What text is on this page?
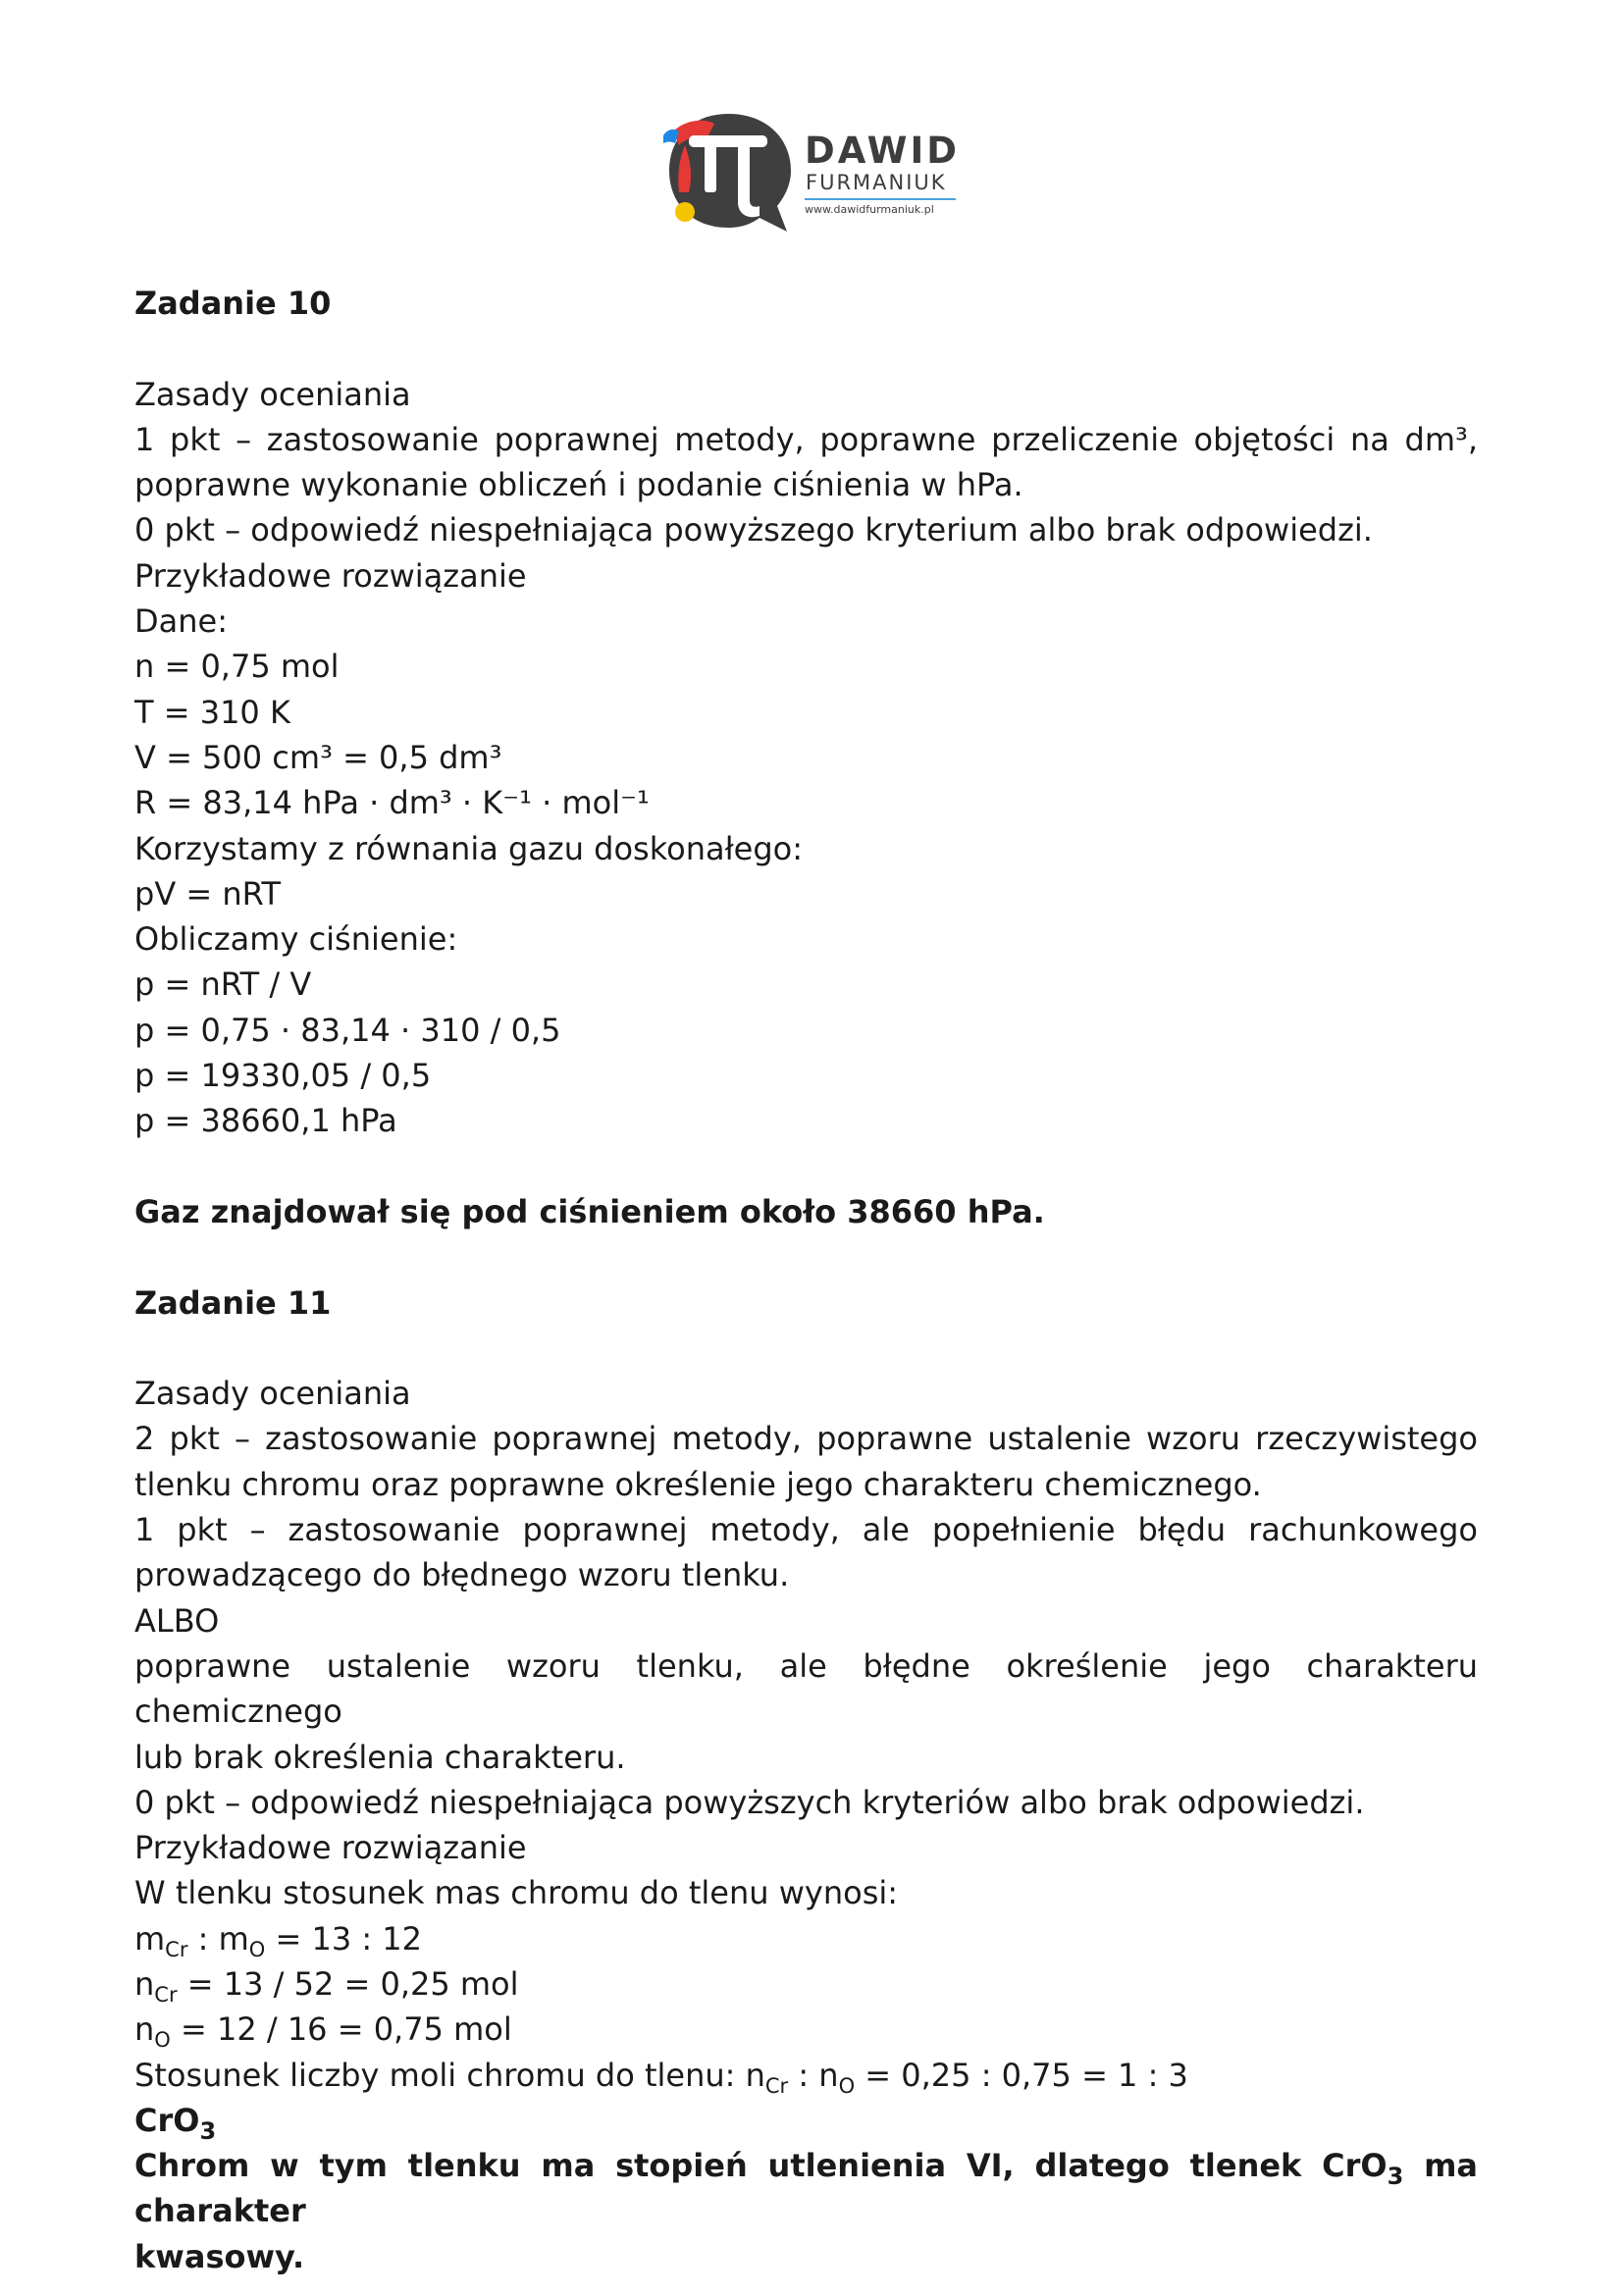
DAWID
FURMANIUK
www.dawidfurmaniuk.pl
Zadanie 10
Zasady oceniania
1 pkt – zastosowanie poprawnej metody, poprawne przeliczenie objętości na dm³,
poprawne wykonanie obliczeń i podanie ciśnienia w hPa.
0 pkt – odpowiedź niespełniająca powyższego kryterium albo brak odpowiedzi.
Przykładowe rozwiązanie
Dane:
n = 0,75 mol
T = 310 K
V = 500 cm³ = 0,5 dm³
R = 83,14 hPa · dm³ · K⁻¹ · mol⁻¹
Korzystamy z równania gazu doskonałego:
pV = nRT
Obliczamy ciśnienie:
p = nRT / V
p = 0,75 · 83,14 · 310 / 0,5
p = 19330,05 / 0,5
p = 38660,1 hPa
Gaz znajdował się pod ciśnieniem około 38660 hPa.
Zadanie 11
Zasady oceniania
2 pkt – zastosowanie poprawnej metody, poprawne ustalenie wzoru rzeczywistego
tlenku chromu oraz poprawne określenie jego charakteru chemicznego.
1 pkt – zastosowanie poprawnej metody, ale popełnienie błędu rachunkowego
prowadzącego do błędnego wzoru tlenku.
ALBO
poprawne ustalenie wzoru tlenku, ale błędne określenie jego charakteru chemicznego
lub brak określenia charakteru.
0 pkt – odpowiedź niespełniająca powyższych kryteriów albo brak odpowiedzi.
Przykładowe rozwiązanie
W tlenku stosunek mas chromu do tlenu wynosi:
$m_{Cr}$ : $m_O = 13$ : 12
$n_{Cr} = 13 / 52 = 0,25$ mol
$n_O = 12 / 16 = 0,75$ mol
Stosunek liczby moli chromu do tlenu: $n_{Cr}$ : $n_O = 0,25$ : 0,75 = 1 : 3
CrO$_3$
Chrom w tym tlenku ma stopień utlenienia VI, dlatego tlenek CrO$_3$ ma charakter
kwasowy.
